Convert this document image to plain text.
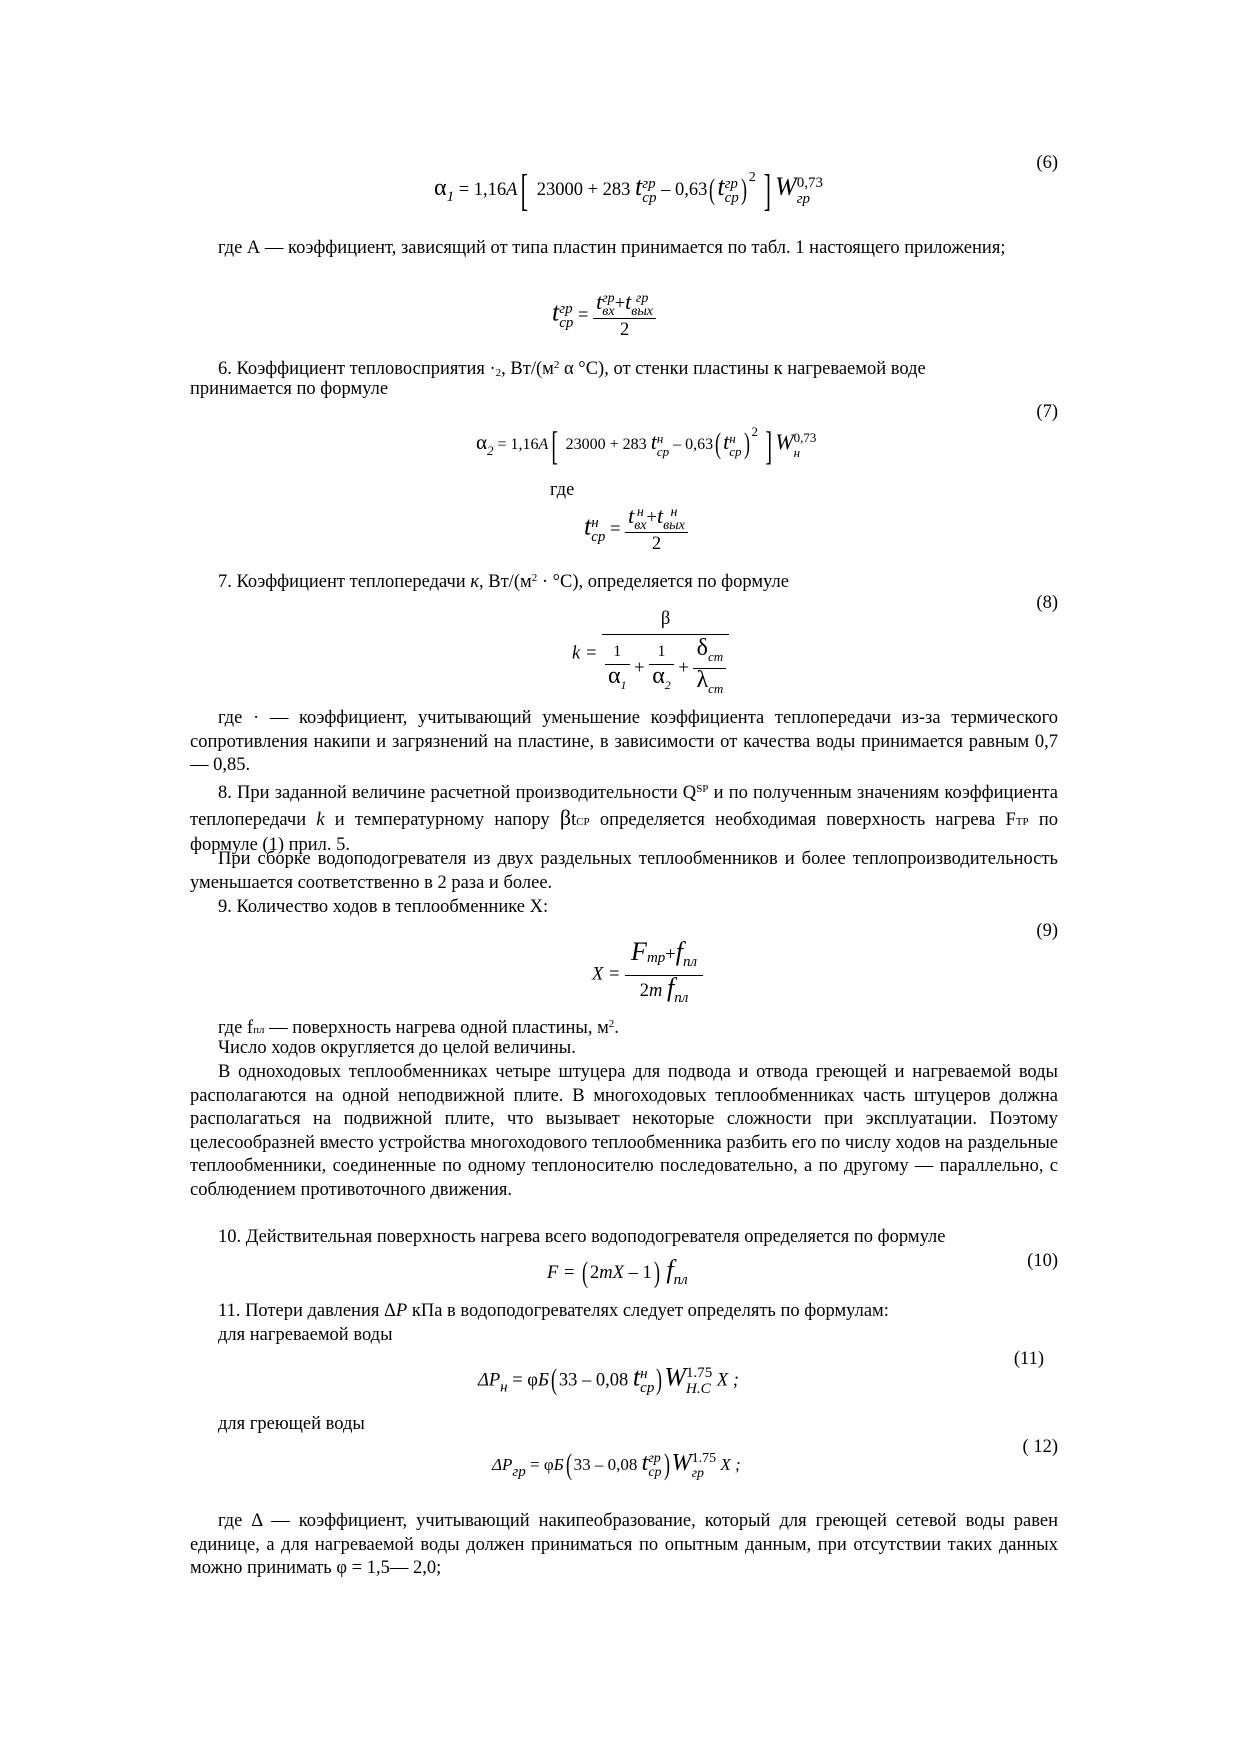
(6)
$\alpha_1 = 1,16A$[ 23000 + 283 t гр
ср – 0,63(t гр
ср ) $^2$ ] W 0,73
гр
где А — коэффициент, зависящий от типа пластин принимается по табл. 1 настоящего приложения;
t гр
ср = t гр
вх +t гр
вых
2
6. Коэффициент тепловосприятия ·2, $Вт/(м^2$ α °С), от стенки пластины к нагреваемой воде
принимается по формуле
(7)
$\alpha_2 = 1,16A$[ 23000 + 283 t н
ср – 0,63(t н
ср ) $^2$ ] W 0,73
н
где
t н
ср = t н
вх +t н
вых
2
7. Коэффициент теплопередачи к, $Вт/(м^2 \cdot ^\circ С)$, определяется по формуле
(8)
$k = \frac{\beta}{\frac{1}{\alpha_1} + \frac{1}{\alpha_2} + \frac{\delta_{ст}}{\lambda_{ст}}}$
где · — коэффициент, учитывающий уменьшение коэффициента теплопередачи из-за термического сопротивления накипи и загрязнений на пластине, в зависимости от качества воды принимается равным 0,7 — 0,85.
8. При заданной величине расчетной производительности $Q^{SP}$ и по полученным значениям коэффициента теплопередачи k и температурному напору βtСР определяется необходимая поверхность нагрева FТР по формуле (1) прил. 5.
При сборке водоподогревателя из двух раздельных теплообменников и более теплопроизводительность уменьшается соответственно в 2 раза и более.
9. Количество ходов в теплообменнике Х:
(9)
$X = \frac{Fтр+f_{пл}}{2m f_{пл}}$
где fпл — поверхность нагрева одной пластины, $м^2$.
Число ходов округляется до целой величины.
В одноходовых теплообменниках четыре штуцера для подвода и отвода греющей и нагреваемой воды располагаются на одной неподвижной плите. В многоходовых теплообменниках часть штуцеров должна располагаться на подвижной плите, что вызывает некоторые сложности при эксплуатации. Поэтому целесообразней вместо устройства многоходового теплообменника разбить его по числу ходов на раздельные теплообменники, соединенные по одному теплоносителю последовательно, а по другому — параллельно, с соблюдением противоточного движения.
10. Действительная поверхность нагрева всего водоподогревателя определяется по формуле
(10)
F = ( 2mX – 1) $f_{пл}$
11. Потери давления ΔР кПа в водоподогревателях следует определять по формулам:
для нагреваемой воды
(11)
$\Delta P_н = \varphi Б$( 33 – 0,08 t н
ср )W 1.75
Н.С X ;
для греющей воды
( 12)
ΔPгр = φБ( 33 – 0,08 t гр
ср )W 1.75
гр X ;
где Δ — коэффициент, учитывающий накипеобразование, который для греющей сетевой воды равен единице, а для нагреваемой воды должен приниматься по опытным данным, при отсутствии таких данных можно принимать φ = 1,5— 2,0;
